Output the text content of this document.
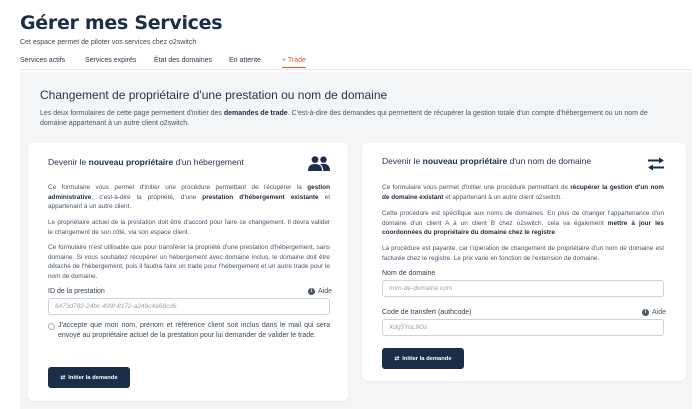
Gérer mes Services
Cet espace permet de piloter vos services chez o2switch
Services actifs	Services expirés	État des domaines En attente	+ Trade
Changement de propriétaire d'une prestation ou nom de domaine
Les deux formulaires de cette page permettent d'initier des demandes de trade. C'est-à-dire des demandes qui permettent de récupérer la gestion totale d'un compte d'hébergement ou un nom de domaine appartenant à un autre client o2switch.
Devenir le nouveau propriétaire d'un hébergement
Ce formulaire vous permet d'initier une procédure permettant de récupérer la gestion administrative, c'est-à-dire la propriété, d'une prestation d'hébergement existante et appartenant à un autre client.
Le propriétaire actuel de la prestation doit être d'accord pour faire ce changement. Il devra valider le changement de son côté, via son espace client.
Ce formulaire n'est utilisable que pour transférer la propriété d'une prestation d'hébergement, sans domaine. Si vous souhaitez récupérer un hébergement avec domaine inclus, le domaine doit être détaché de l'hébergement, puis il faudra faire un trade pour l'hébergement et un autre trade pour le nom de domaine.
ID de la prestation	i Aide
6473d782-24bc-499f-8172-a249c4a68cd6
J'accepte que mon nom, prénom et référence client soit inclus dans le mail qui sera envoyé au propriétaire actuel de la prestation pour lui demander de valider le trade.
⇄ Initier la demande
Devenir le nouveau propriétaire d'un nom de domaine
Ce formulaire vous permet d'initier une procédure permettant de récupérer la gestion d'un nom de domaine existant et appartenant à un autre client o2switch.
Cette procédure est spécifique aux noms de domaines. En plus de changer l'appartenance d'un domaine d'un client A à un client B chez o2switch, cela va également mettre à jour les coordonnées du propriétaire du domaine chez le registre.
La procédure est payante, car l'opération de changement de propriétaire d'un nom de domaine est facturée chez le registre. Le prix varie en fonction de l'extension de domaine.
Nom de domaine
nom-de-domaine.com
Code de transfert (authcode)	i Aide
Xdg5YoL9Os
⇄ Initier la demande
